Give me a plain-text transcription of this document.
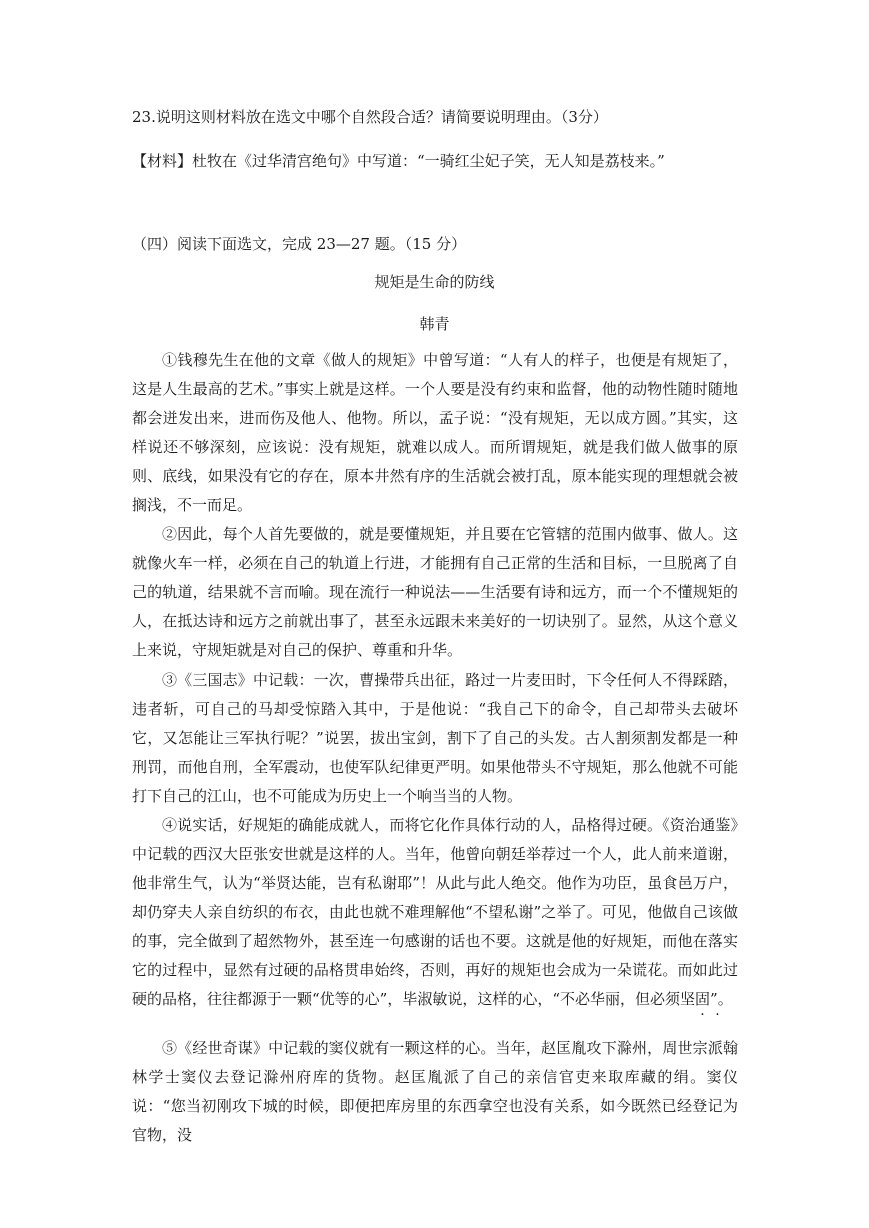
23.说明这则材料放在选文中哪个自然段合适？请简要说明理由。（3分）
【材料】杜牧在《过华清宫绝句》中写道：“一骑红尘妃子笑，无人知是荔枝来。”
（四）阅读下面选文，完成 23—27 题。（15 分）
规矩是生命的防线
韩青

①钱穆先生在他的文章《做人的规矩》中曾写道：“人有人的样子，也便是有规矩了，这是人生最高的艺术。”事实上就是这样。一个人要是没有约束和监督，他的动物性随时随地都会迸发出来，进而伤及他人、他物。所以，孟子说：“没有规矩，无以成方圆。”其实，这样说还不够深刻，应该说：没有规矩，就难以成人。而所谓规矩，就是我们做人做事的原则、底线，如果没有它的存在，原本井然有序的生活就会被打乱，原本能实现的理想就会被搁浅，不一而足。

②因此，每个人首先要做的，就是要懂规矩，并且要在它管辖的范围内做事、做人。这就像火车一样，必须在自己的轨道上行进，才能拥有自己正常的生活和目标，一旦脱离了自己的轨道，结果就不言而喻。现在流行一种说法——生活要有诗和远方，而一个不懂规矩的人，在抵达诗和远方之前就出事了，甚至永远跟未来美好的一切诀别了。显然，从这个意义上来说，守规矩就是对自己的保护、尊重和升华。

③《三国志》中记载：一次，曹操带兵出征，路过一片麦田时，下令任何人不得踩踏，违者斩，可自己的马却受惊踏入其中，于是他说：“我自己下的命令，自己却带头去破坏它，又怎能让三军执行呢？”说罢，拔出宝剑，割下了自己的头发。古人割须割发都是一种刑罚，而他自刑，全军震动，也使军队纪律更严明。如果他带头不守规矩，那么他就不可能打下自己的江山，也不可能成为历史上一个响当当的人物。

④说实话，好规矩的确能成就人，而将它化作具体行动的人，品格得过硬。《资治通鉴》中记载的西汉大臣张安世就是这样的人。当年，他曾向朝廷举荐过一个人，此人前来道谢，他非常生气，认为“举贤达能，岂有私谢耶”！从此与此人绝交。他作为功臣，虽食邑万户，却仍穿夫人亲自纺织的布衣，由此也就不难理解他“不望私谢”之举了。可见，他做自己该做的事，完全做到了超然物外，甚至连一句感谢的话也不要。这就是他的好规矩，而他在落实它的过程中，显然有过硬的品格贯串始终，否则，再好的规矩也会成为一朵谎花。而如此过硬的品格，往往都源于一颗“优等的心”，毕淑敏说，这样的心，“不必华丽，但必须坚固”。

⑤《经世奇谋》中记载的窦仪就有一颗这样的心。当年，赵匡胤攻下滁州，周世宗派翰林学士窦仪去登记滁州府库的货物。赵匡胤派了自己的亲信官吏来取库藏的绢。窦仪说：“您当初刚攻下城的时候，即便把库房里的东西拿空也没有关系，如今既然已经登记为官物，没
